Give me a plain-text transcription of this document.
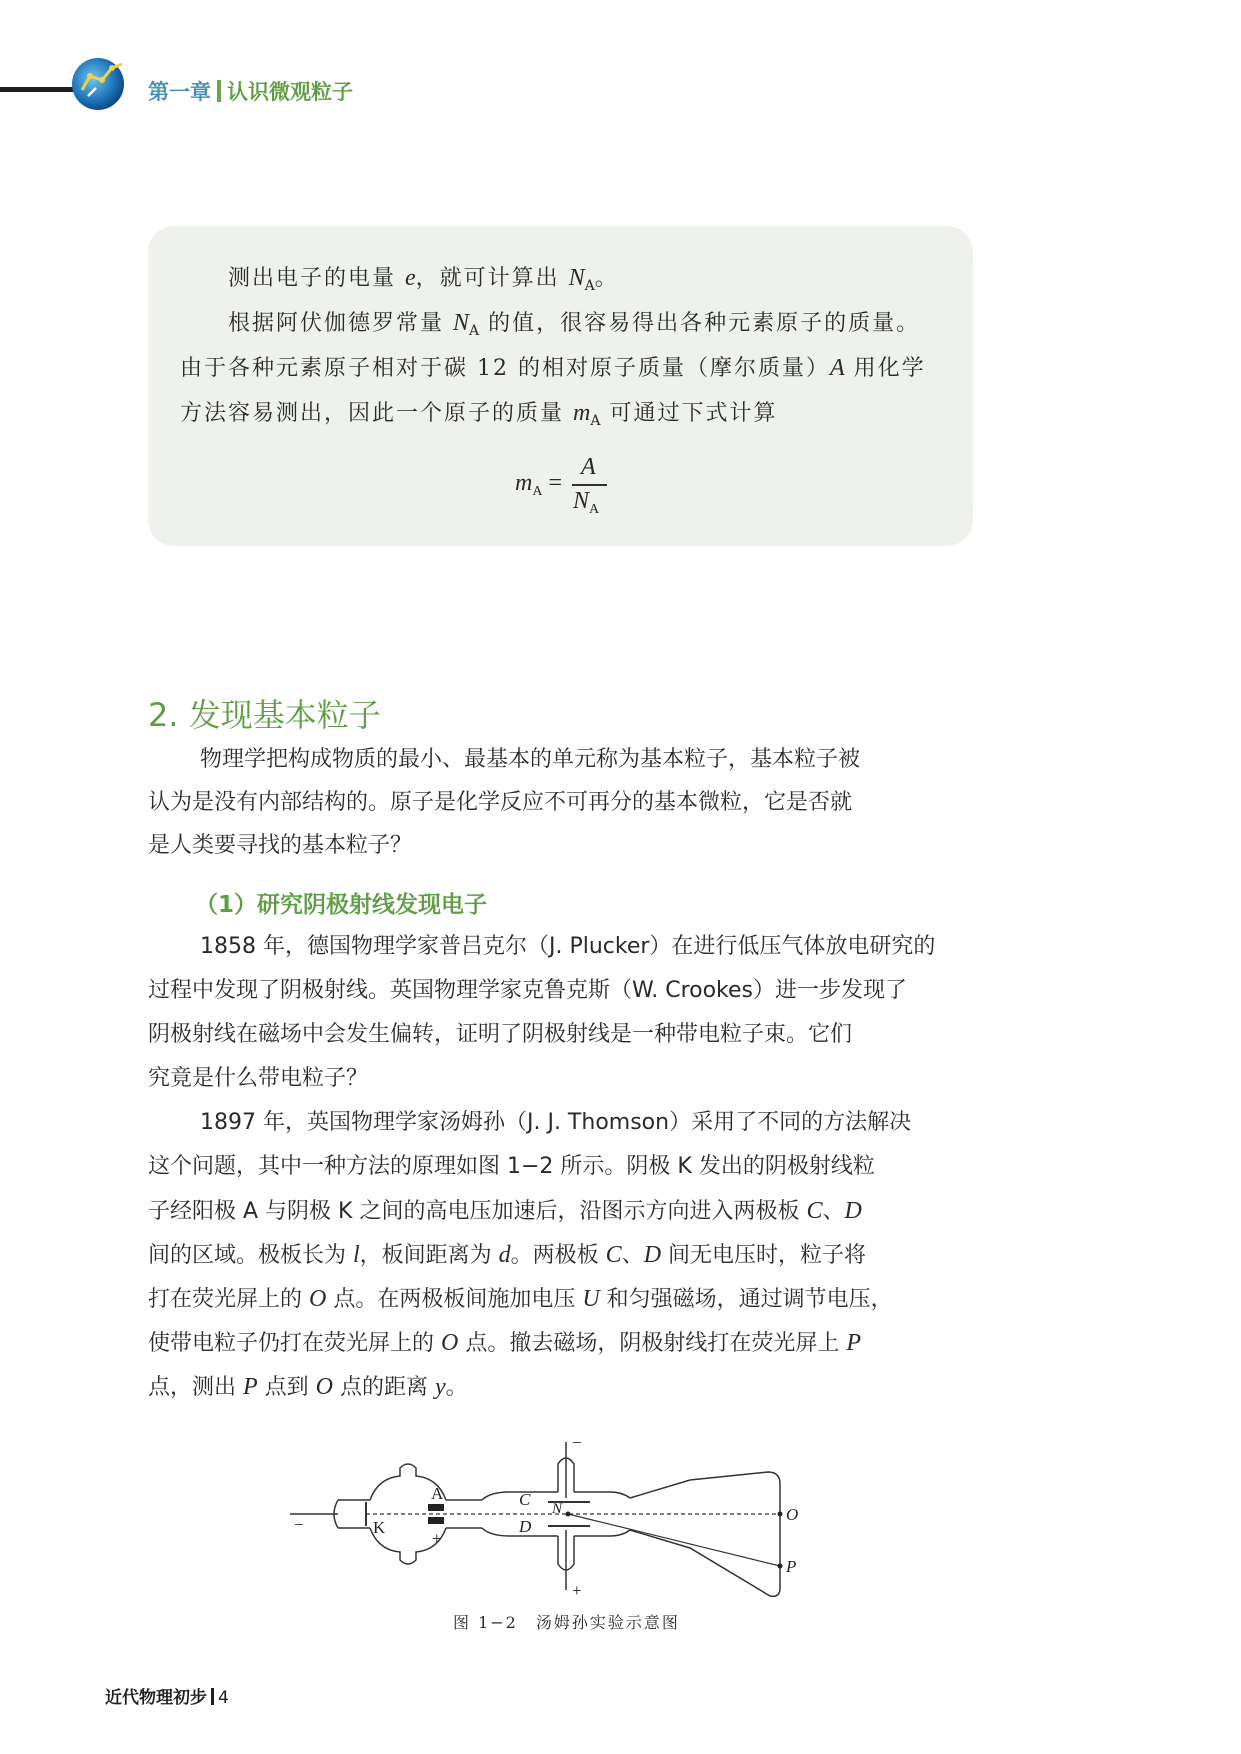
第一章 认识微观粒子
测出电子的电量 e，就可计算出 $N_A$。
根据阿伏伽德罗常量 $N_A$ 的值，很容易得出各种元素原子的质量。
由于各种元素原子相对于碳 12 的相对原子质量（摩尔质量）A 用化学
方法容易测出，因此一个原子的质量 $m_A$ 可通过下式计算
$m_A$ =
A
$N_A$
2. 发现基本粒子
物理学把构成物质的最小、最基本的单元称为基本粒子，基本粒子被
认为是没有内部结构的。原子是化学反应不可再分的基本微粒，它是否就
是人类要寻找的基本粒子？
（1）研究阴极射线发现电子
1858 年，德国物理学家普吕克尔（J. Plucker）在进行低压气体放电研究的
过程中发现了阴极射线。英国物理学家克鲁克斯（W. Crookes）进一步发现了
阴极射线在磁场中会发生偏转，证明了阴极射线是一种带电粒子束。它们
究竟是什么带电粒子？
1897 年，英国物理学家汤姆孙（J. J. Thomson）采用了不同的方法解决
这个问题，其中一种方法的原理如图 1−2 所示。阴极 K 发出的阴极射线粒
子经阳极 A 与阴极 K 之间的高电压加速后，沿图示方向进入两极板 C、D
间的区域。极板长为 l，板间距离为 d。两极板 C、D 间无电压时，粒子将
打在荧光屏上的 O 点。在两极板间施加电压 U 和匀强磁场，通过调节电压，
使带电粒子仍打在荧光屏上的 O 点。撤去磁场，阴极射线打在荧光屏上 P
点，测出 P 点到 O 点的距离 y。
A
+
K
−
−
+
C
D
N	O
P
图 1−2　汤姆孙实验示意图
近代物理初步 4
